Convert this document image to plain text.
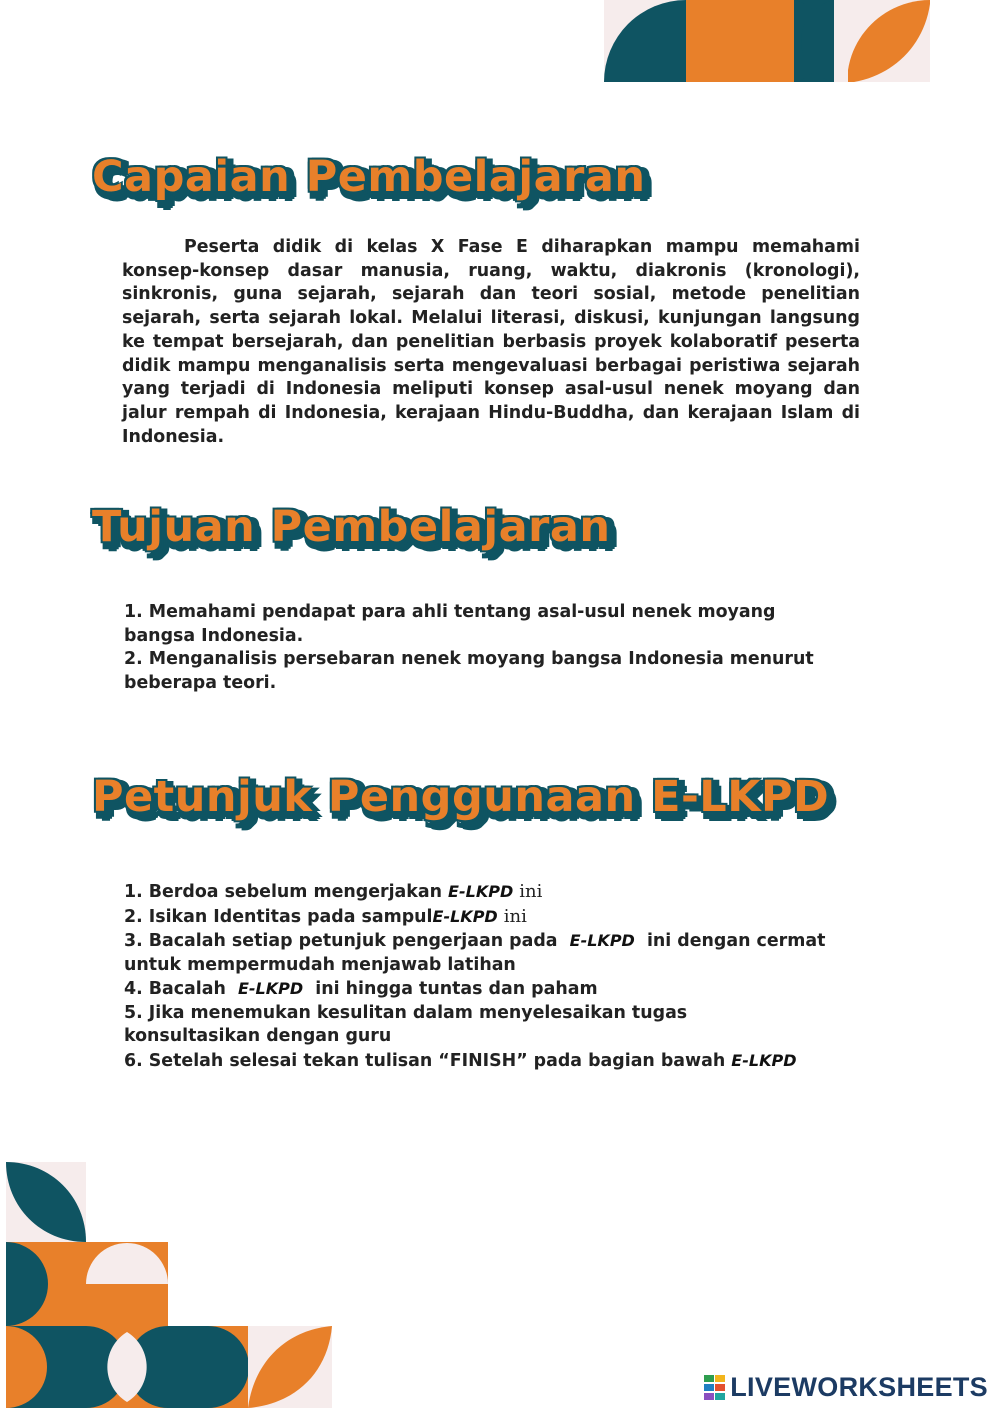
Capaian Pembelajaran

Peserta didik di kelas X Fase E diharapkan mampu memahami konsep-konsep dasar manusia, ruang, waktu, diakronis (kronologi), sinkronis, guna sejarah, sejarah dan teori sosial, metode penelitian sejarah, serta sejarah lokal. Melalui literasi, diskusi, kunjungan langsung ke tempat bersejarah, dan penelitian berbasis proyek kolaboratif peserta didik mampu menganalisis serta mengevaluasi berbagai peristiwa sejarah yang terjadi di Indonesia meliputi konsep asal-usul nenek moyang dan jalur rempah di Indonesia, kerajaan Hindu-Buddha, dan kerajaan Islam di Indonesia.

Tujuan Pembelajaran
1. Memahami pendapat para ahli tentang asal-usul nenek moyang
bangsa Indonesia.
2. Menganalisis persebaran nenek moyang bangsa Indonesia menurut
beberapa teori.
Petunjuk Penggunaan E-LKPD
1. Berdoa sebelum mengerjakan E-LKPD ini
2. Isikan Identitas pada sampulE-LKPD ini
3. Bacalah setiap petunjuk pengerjaan pada E-LKPD ini dengan cermat
untuk mempermudah menjawab latihan
4. Bacalah E-LKPD ini hingga tuntas dan paham
5. Jika menemukan kesulitan dalam menyelesaikan tugas
konsultasikan dengan guru
6. Setelah selesai tekan tulisan “FINISH” pada bagian bawah E-LKPD
LIVEWORKSHEETS
